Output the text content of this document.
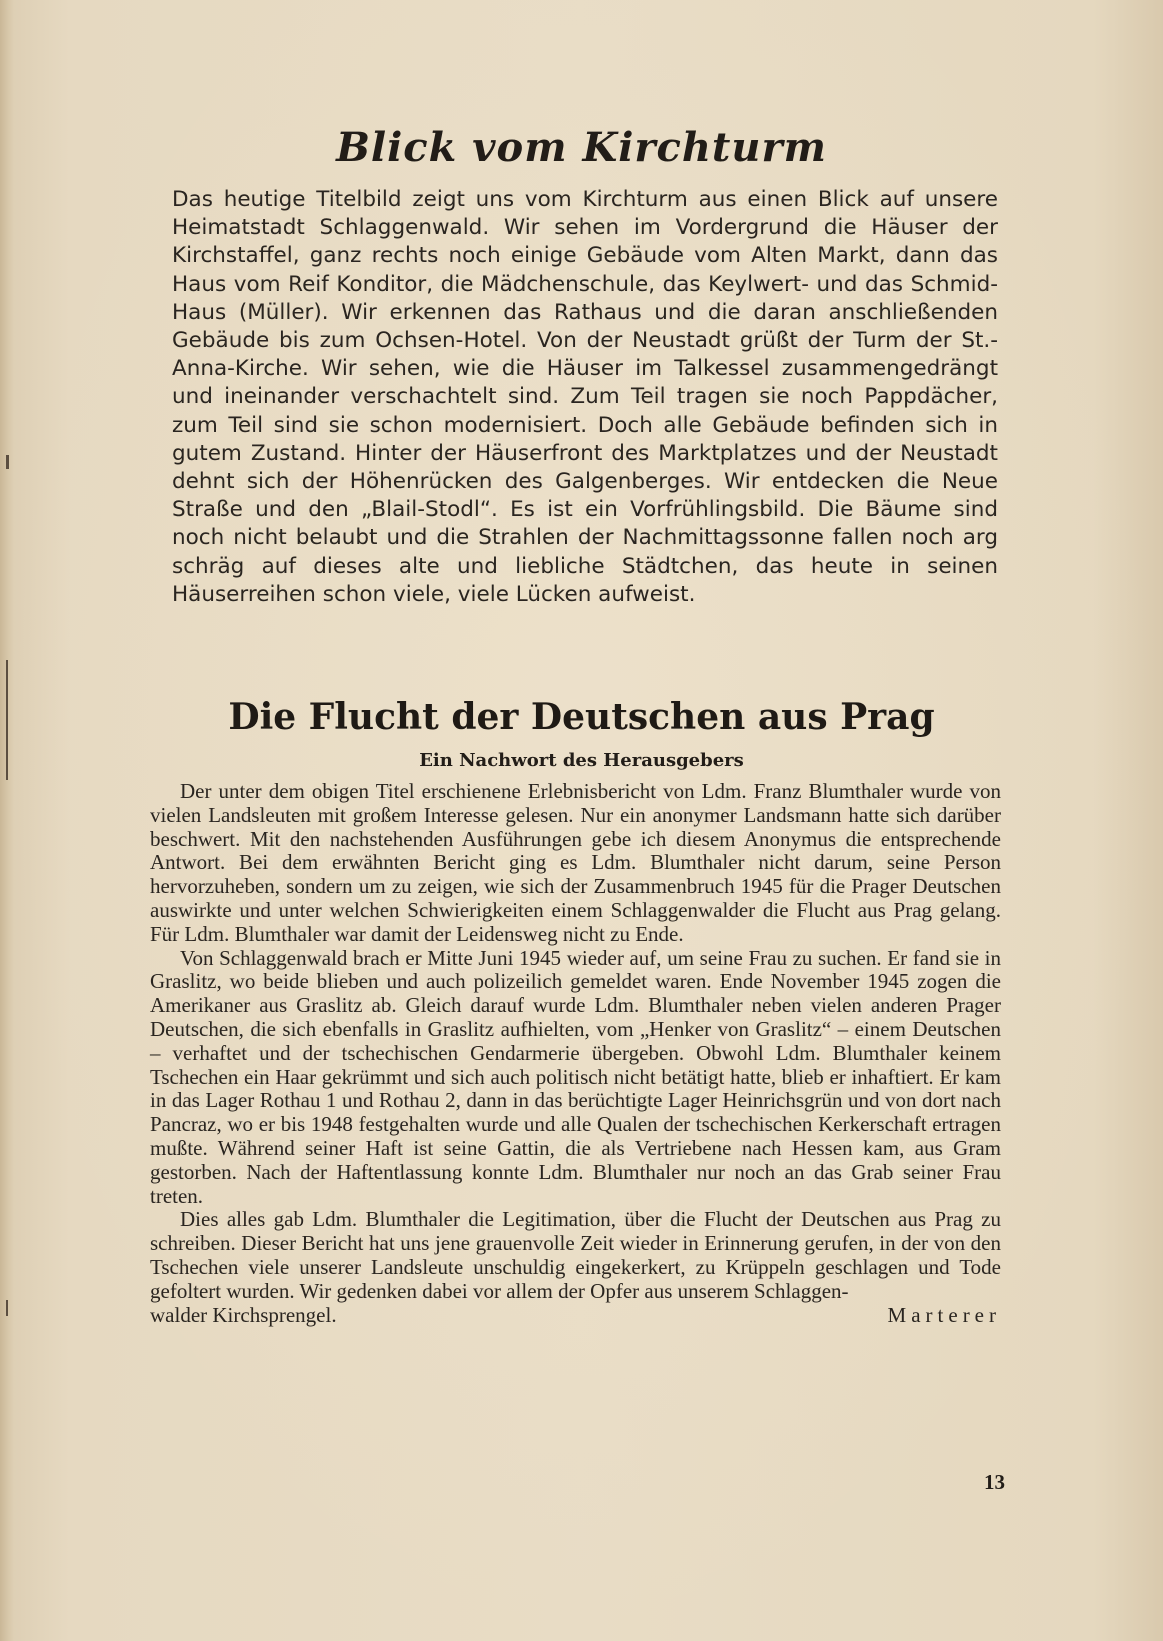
Blick vom Kirchturm

Das heutige Titelbild zeigt uns vom Kirchturm aus einen Blick auf unsere Heimatstadt Schlaggenwald. Wir sehen im Vordergrund die Häuser der Kirchstaffel, ganz rechts noch einige Gebäude vom Alten Markt, dann das Haus vom Reif Konditor, die Mädchenschule, das Keylwert- und das Schmid-Haus (Müller). Wir erkennen das Rathaus und die daran anschließenden Gebäude bis zum Ochsen-Hotel. Von der Neustadt grüßt der Turm der St.-Anna-Kirche. Wir sehen, wie die Häuser im Talkessel zusammengedrängt und ineinander verschachtelt sind. Zum Teil tragen sie noch Pappdächer, zum Teil sind sie schon modernisiert. Doch alle Gebäude befinden sich in gutem Zustand. Hinter der Häuserfront des Marktplatzes und der Neustadt dehnt sich der Höhenrücken des Galgenberges. Wir entdecken die Neue Straße und den „Blail-Stodl“. Es ist ein Vorfrühlingsbild. Die Bäume sind noch nicht belaubt und die Strahlen der Nachmittagssonne fallen noch arg schräg auf dieses alte und liebliche Städtchen, das heute in seinen Häuserreihen schon viele, viele Lücken aufweist.

Die Flucht der Deutschen aus Prag
Ein Nachwort des Herausgebers

Der unter dem obigen Titel erschienene Erlebnisbericht von Ldm. Franz Blumthaler wurde von vielen Landsleuten mit großem Interesse gelesen. Nur ein anonymer Landsmann hatte sich darüber beschwert. Mit den nachstehenden Ausführungen gebe ich diesem Anonymus die entsprechende Antwort. Bei dem erwähnten Bericht ging es Ldm. Blumthaler nicht darum, seine Person hervorzuheben, sondern um zu zeigen, wie sich der Zusammenbruch 1945 für die Prager Deutschen auswirkte und unter welchen Schwierigkeiten einem Schlaggenwalder die Flucht aus Prag gelang. Für Ldm. Blumthaler war damit der Leidensweg nicht zu Ende.

Von Schlaggenwald brach er Mitte Juni 1945 wieder auf, um seine Frau zu suchen. Er fand sie in Graslitz, wo beide blieben und auch polizeilich gemeldet waren. Ende November 1945 zogen die Amerikaner aus Graslitz ab. Gleich darauf wurde Ldm. Blumthaler neben vielen anderen Prager Deutschen, die sich ebenfalls in Graslitz aufhielten, vom „Henker von Graslitz“ – einem Deutschen – verhaftet und der tschechischen Gendarmerie übergeben. Obwohl Ldm. Blumthaler keinem Tschechen ein Haar gekrümmt und sich auch politisch nicht betätigt hatte, blieb er inhaftiert. Er kam in das Lager Rothau 1 und Rothau 2, dann in das berüchtigte Lager Heinrichsgrün und von dort nach Pancraz, wo er bis 1948 festgehalten wurde und alle Qualen der tschechischen Kerkerschaft ertragen mußte. Während seiner Haft ist seine Gattin, die als Vertriebene nach Hessen kam, aus Gram gestorben. Nach der Haftentlassung konnte Ldm. Blumthaler nur noch an das Grab seiner Frau treten.

Dies alles gab Ldm. Blumthaler die Legitimation, über die Flucht der Deutschen aus Prag zu schreiben. Dieser Bericht hat uns jene grauenvolle Zeit wieder in Erinnerung gerufen, in der von den Tschechen viele unserer Landsleute unschuldig eingekerkert, zu Krüppeln geschlagen und Tode gefoltert wurden. Wir gedenken dabei vor allem der Opfer aus unserem Schlaggen-

walder Kirchsprengel.	Marterer
13
